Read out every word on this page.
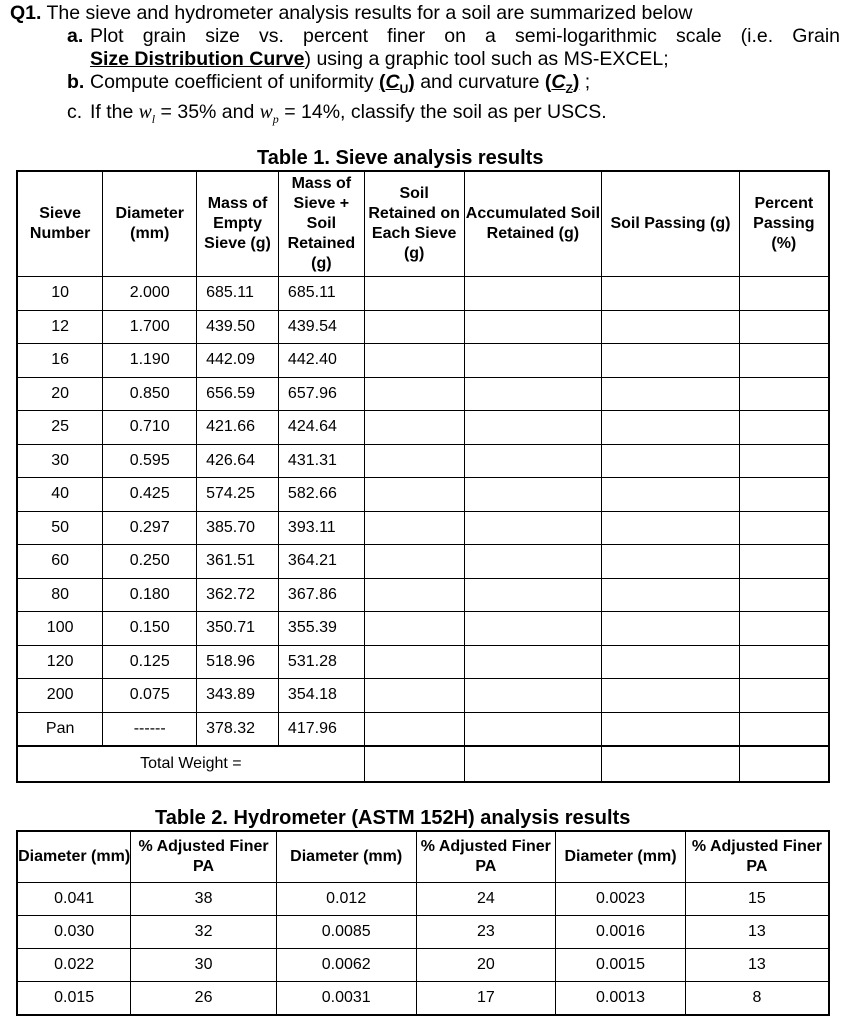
Q1. The sieve and hydrometer analysis results for a soil are summarized below
a. Plot grain size vs. percent finer on a semi-logarithmic scale (i.e. Grain
Size Distribution Curve) using a graphic tool such as MS-EXCEL;
b. Compute coefficient of uniformity $(C_U)$ and curvature $(C_Z)$ ;
c. If the $w_l = 35\%$ and $w_p = 14\%$, classify the soil as per USCS.
Table 1. Sieve analysis results
Sieve Number	Diameter (mm)	Mass of Empty Sieve (g)	Mass of Sieve + Soil Retained (g)	Soil Retained on Each Sieve (g)	Accumulated Soil Retained (g)	Soil Passing (g)	Percent Passing (%)
10	2.000	685.11	685.11				
12	1.700	439.50	439.54				
16	1.190	442.09	442.40				
20	0.850	656.59	657.96				
25	0.710	421.66	424.64				
30	0.595	426.64	431.31				
40	0.425	574.25	582.66				
50	0.297	385.70	393.11				
60	0.250	361.51	364.21				
80	0.180	362.72	367.86				
100	0.150	350.71	355.39				
120	0.125	518.96	531.28				
200	0.075	343.89	354.18				
Pan	------	378.32	417.96				
Total Weight =							
Table 2. Hydrometer (ASTM 152H) analysis results
Diameter (mm)	% Adjusted Finer PA	Diameter (mm)	% Adjusted Finer PA	Diameter (mm)	% Adjusted Finer PA
0.041	38	0.012	24	0.0023	15
0.030	32	0.0085	23	0.0016	13
0.022	30	0.0062	20	0.0015	13
0.015	26	0.0031	17	0.0013	8
